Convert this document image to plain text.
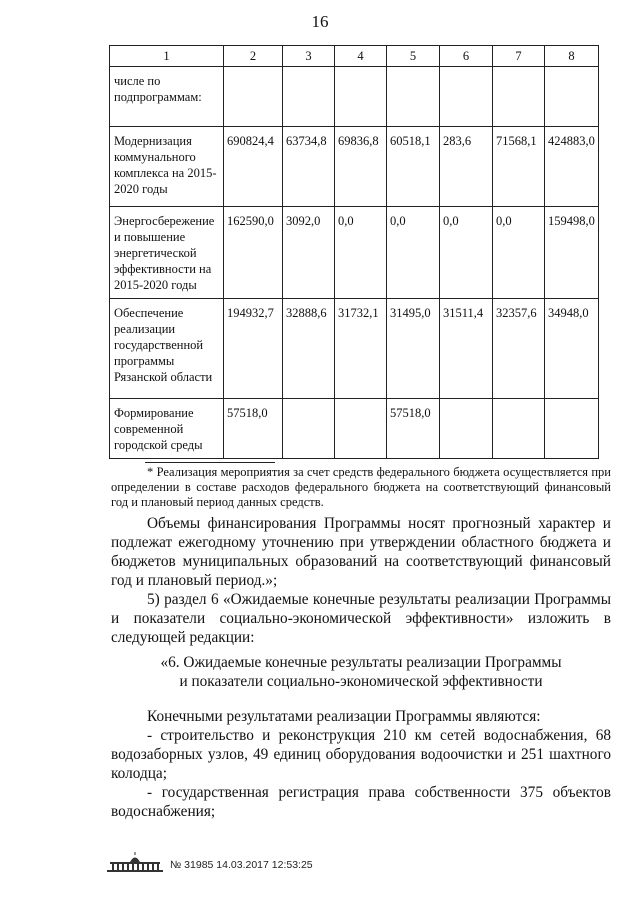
16
1	2	3	4	5	6	7	8
числе по подпрограммам:							
Модернизация коммунального комплекса на 2015-2020 годы	690824,4	63734,8	69836,8	60518,1	283,6	71568,1	424883,0
Энергосбережение и повышение энергетической эффективности на 2015-2020 годы	162590,0	3092,0	0,0	0,0	0,0	0,0	159498,0
Обеспечение реализации государственной программы Рязанской области	194932,7	32888,6	31732,1	31495,0	31511,4	32357,6	34948,0
Формирование современной городской среды	57518,0			57518,0			

* Реализация мероприятия за счет средств федерального бюджета осуществляется при определении в составе расходов федерального бюджета на соответствующий финансовый год и плановый период данных средств.

Объемы финансирования Программы носят прогнозный характер и подлежат ежегодному уточнению при утверждении областного бюджета и бюджетов муниципальных образований на соответствующий финансовый год и плановый период.»;

5) раздел 6 «Ожидаемые конечные результаты реализации Программы и показатели социально-экономической эффективности» изложить в следующей редакции:

«6. Ожидаемые конечные результаты реализации Программы

и показатели социально-экономической эффективности

Конечными результатами реализации Программы являются:

- строительство и реконструкция 210 км сетей водоснабжения, 68 водозаборных узлов, 49 единиц оборудования водоочистки и 251 шахтного колодца;

- государственная регистрация права собственности 375 объектов водоснабжения;

№ 31985 14.03.2017 12:53:25
